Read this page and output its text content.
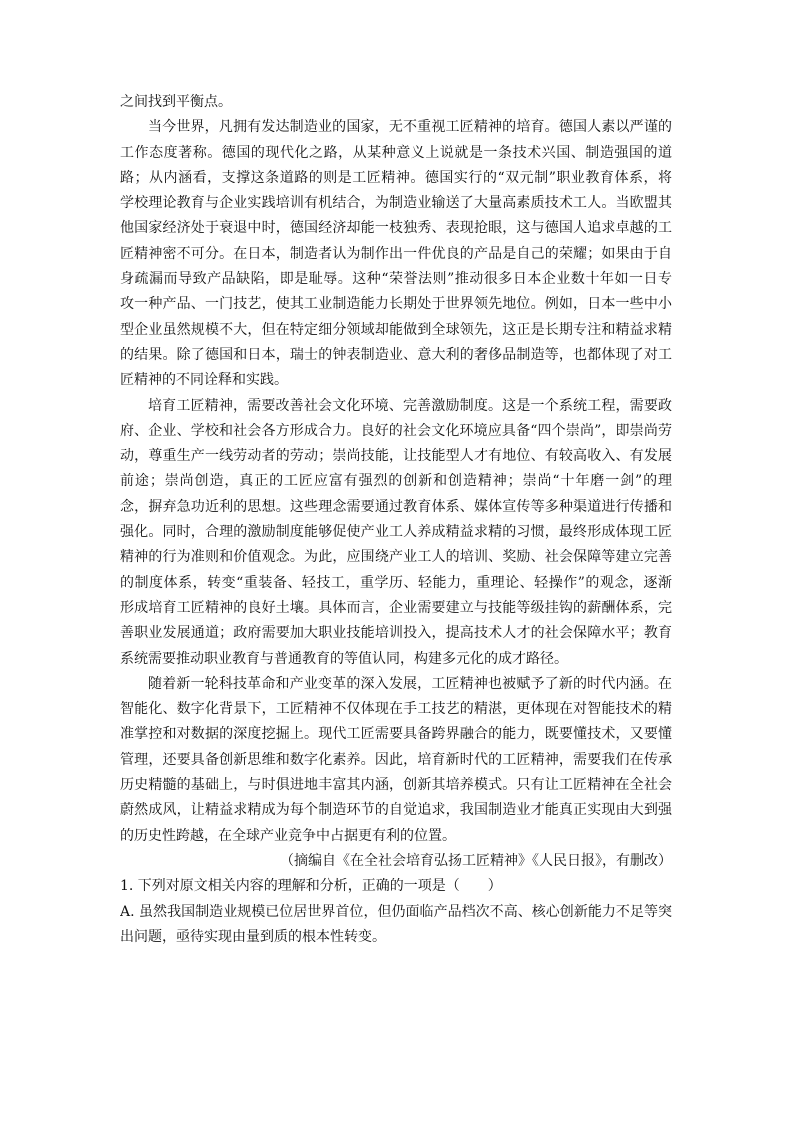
之间找到平衡点。
当今世界，凡拥有发达制造业的国家，无不重视工匠精神的培育。德国人素以严谨的
工作态度著称。德国的现代化之路，从某种意义上说就是一条技术兴国、制造强国的道
路；从内涵看，支撑这条道路的则是工匠精神。德国实行的“双元制”职业教育体系，将
学校理论教育与企业实践培训有机结合，为制造业输送了大量高素质技术工人。当欧盟其
他国家经济处于衰退中时，德国经济却能一枝独秀、表现抢眼，这与德国人追求卓越的工
匠精神密不可分。在日本，制造者认为制作出一件优良的产品是自己的荣耀；如果由于自
身疏漏而导致产品缺陷，即是耻辱。这种“荣誉法则”推动很多日本企业数十年如一日专
攻一种产品、一门技艺，使其工业制造能力长期处于世界领先地位。例如，日本一些中小
型企业虽然规模不大，但在特定细分领域却能做到全球领先，这正是长期专注和精益求精
的结果。除了德国和日本，瑞士的钟表制造业、意大利的奢侈品制造等，也都体现了对工
匠精神的不同诠释和实践。
培育工匠精神，需要改善社会文化环境、完善激励制度。这是一个系统工程，需要政
府、企业、学校和社会各方形成合力。良好的社会文化环境应具备“四个崇尚”，即崇尚劳
动，尊重生产一线劳动者的劳动；崇尚技能，让技能型人才有地位、有较高收入、有发展
前途；崇尚创造，真正的工匠应富有强烈的创新和创造精神；崇尚“十年磨一剑”的理
念，摒弃急功近利的思想。这些理念需要通过教育体系、媒体宣传等多种渠道进行传播和
强化。同时，合理的激励制度能够促使产业工人养成精益求精的习惯，最终形成体现工匠
精神的行为准则和价值观念。为此，应围绕产业工人的培训、奖励、社会保障等建立完善
的制度体系，转变“重装备、轻技工，重学历、轻能力，重理论、轻操作”的观念，逐渐
形成培育工匠精神的良好土壤。具体而言，企业需要建立与技能等级挂钩的薪酬体系，完
善职业发展通道；政府需要加大职业技能培训投入，提高技术人才的社会保障水平；教育
系统需要推动职业教育与普通教育的等值认同，构建多元化的成才路径。
随着新一轮科技革命和产业变革的深入发展，工匠精神也被赋予了新的时代内涵。在
智能化、数字化背景下，工匠精神不仅体现在手工技艺的精湛，更体现在对智能技术的精
准掌控和对数据的深度挖掘上。现代工匠需要具备跨界融合的能力，既要懂技术，又要懂
管理，还要具备创新思维和数字化素养。因此，培育新时代的工匠精神，需要我们在传承
历史精髓的基础上，与时俱进地丰富其内涵，创新其培养模式。只有让工匠精神在全社会
蔚然成风，让精益求精成为每个制造环节的自觉追求，我国制造业才能真正实现由大到强
的历史性跨越，在全球产业竞争中占据更有利的位置。
（摘编自《在全社会培育弘扬工匠精神》《人民日报》，有删改）
1. 下列对原文相关内容的理解和分析，正确的一项是（　　）
A. 虽然我国制造业规模已位居世界首位，但仍面临产品档次不高、核心创新能力不足等突
出问题，亟待实现由量到质的根本性转变。
